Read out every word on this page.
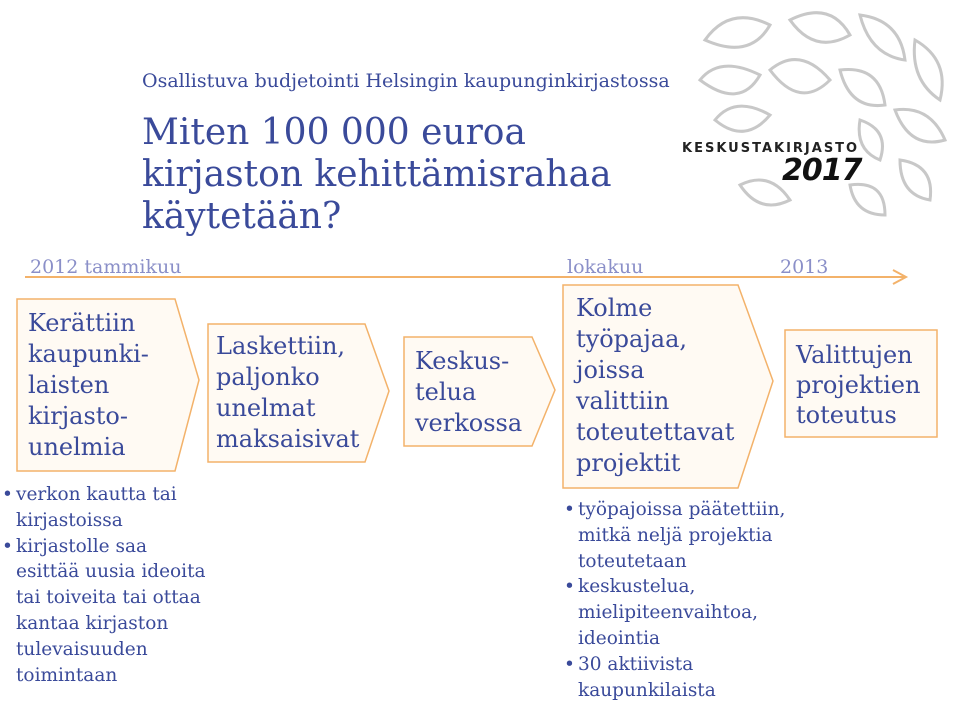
Osallistuva budjetointi Helsingin kaupunginkirjastossa
Miten 100 000 euroa
kirjaston kehittämisrahaa
käytetään?
KESKUSTAKIRJASTO
2017
2012 tammikuu	lokakuu	2013
Kerättiin
kaupunki-
laisten
kirjasto-
unelmia
Laskettiin,
paljonko
unelmat
maksaisivat
Keskus-
telua
verkossa
Kolme
työpajaa,
joissa
valittiin
toteutettavat
projektit
Valittujen
projektien
toteutus
• verkon kautta tai
kirjastoissa
• kirjastolle saa
esittää uusia ideoita
tai toiveita tai ottaa
kantaa kirjaston
tulevaisuuden
toimintaan
• työpajoissa päätettiin,
mitkä neljä projektia
toteutetaan
• keskustelua,
mielipiteenvaihtoa,
ideointia
• 30 aktiivista
kaupunkilaista
